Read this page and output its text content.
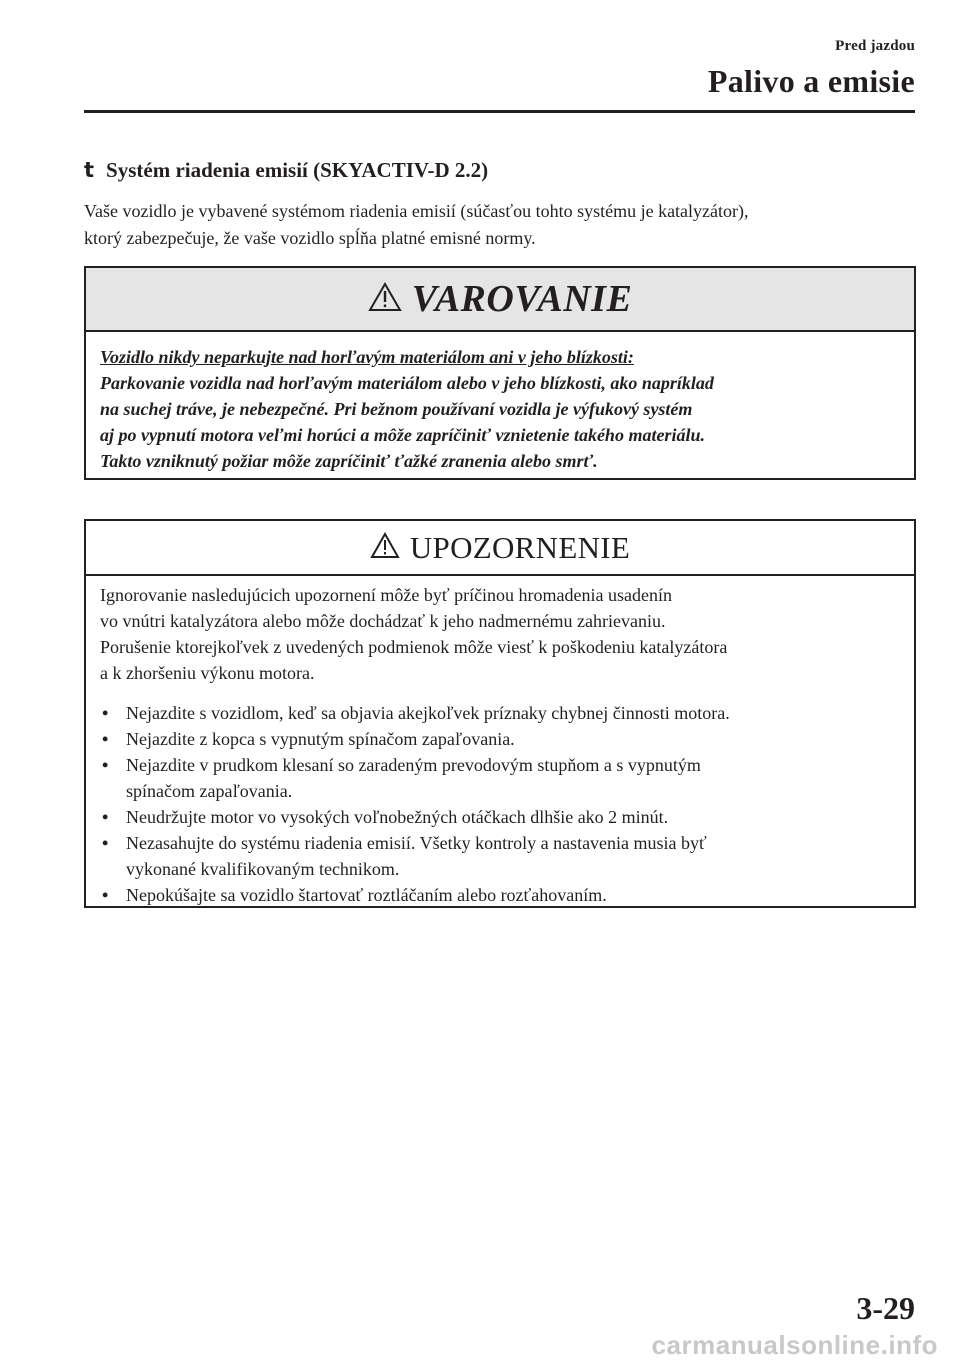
Pred jazdou
Palivo a emisie
t Systém riadenia emisií (SKYACTIV-D 2.2)
Vaše vozidlo je vybavené systémom riadenia emisií (súčasťou tohto systému je katalyzátor),
ktorý zabezpečuje, že vaše vozidlo spĺňa platné emisné normy.
VAROVANIE
Vozidlo nikdy neparkujte nad horľavým materiálom ani v jeho blízkosti:
Parkovanie vozidla nad horľavým materiálom alebo v jeho blízkosti, ako napríklad
na suchej tráve, je nebezpečné. Pri bežnom používaní vozidla je výfukový systém
aj po vypnutí motora veľmi horúci a môže zapríčiniť vznietenie takého materiálu.
Takto vzniknutý požiar môže zapríčiniť ťažké zranenia alebo smrť.
UPOZORNENIE

Ignorovanie nasledujúcich upozornení môže byť príčinou hromadenia usadenín
vo vnútri katalyzátora alebo môže dochádzať k jeho nadmernému zahrievaniu.
Porušenie ktorejkoľvek z uvedených podmienok môže viesť k poškodeniu katalyzátora
a k zhoršeniu výkonu motora.

• Nejazdite s vozidlom, keď sa objavia akejkoľvek príznaky chybnej činnosti motora.
• Nejazdite z kopca s vypnutým spínačom zapaľovania.
• Nejazdite v prudkom klesaní so zaradeným prevodovým stupňom a s vypnutým
spínačom zapaľovania.
• Neudržujte motor vo vysokých voľnobežných otáčkach dlhšie ako 2 minút.
• Nezasahujte do systému riadenia emisií. Všetky kontroly a nastavenia musia byť
vykonané kvalifikovaným technikom.
• Nepokúšajte sa vozidlo štartovať roztláčaním alebo rozťahovaním.
3-29
carmanualsonline.info
